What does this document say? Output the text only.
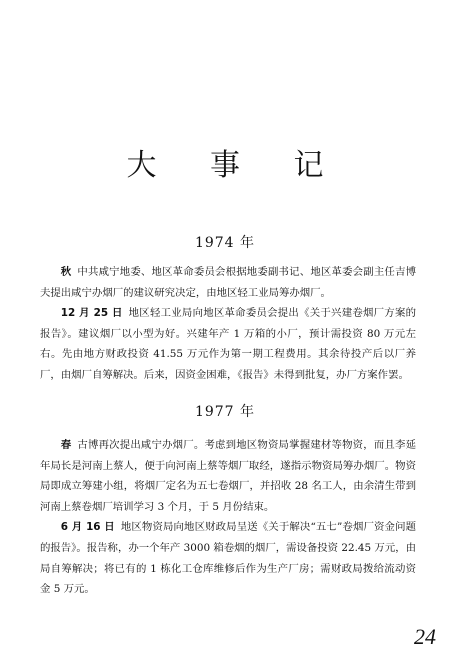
大 事 记
1974 年

秋 中共咸宁地委、地区革命委员会根据地委副书记、地区革委会副主任吉博夫提出咸宁办烟厂的建议研究决定，由地区轻工业局筹办烟厂。

12 月 25 日 地区轻工业局向地区革命委员会提出《关于兴建卷烟厂方案的报告》。建议烟厂以小型为好。兴建年产 1 万箱的小厂，预计需投资 80 万元左右。先由地方财政投资 41.55 万元作为第一期工程费用。其余待投产后以厂养厂，由烟厂自筹解决。后来，因资金困难，《报告》未得到批复，办厂方案作罢。

1977 年

春 古博再次提出咸宁办烟厂。考虑到地区物资局掌握建材等物资，而且李延年局长是河南上蔡人，便于向河南上蔡等烟厂取经，遂指示物资局筹办烟厂。物资局即成立筹建小组，将烟厂定名为五七卷烟厂，并招收 28 名工人，由余清生带到河南上蔡卷烟厂培训学习 3 个月，于 5 月份结束。

6 月 16 日 地区物资局向地区财政局呈送《关于解决“五七”卷烟厂资金问题的报告》。报告称，办一个年产 3000 箱卷烟的烟厂，需设备投资 22.45 万元，由局自筹解决；将已有的 1 栋化工仓库维修后作为生产厂房；需财政局拨给流动资金 5 万元。

24
